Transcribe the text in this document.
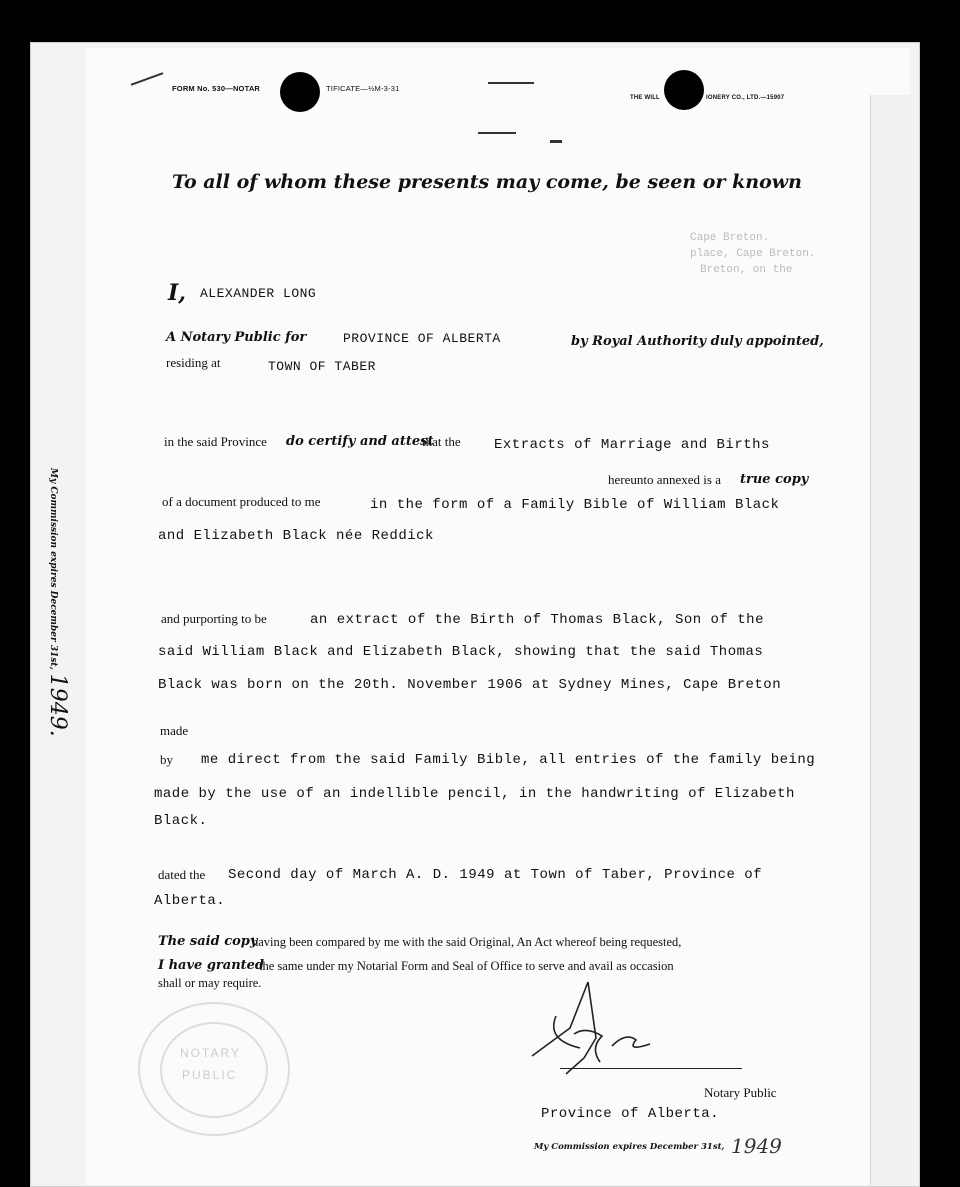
FORM No. 530—NOTAR	TIFICATE—½M-3-31
THE WILL	IONERY CO., LTD.—15907
Cape Breton.
place, Cape Breton.
Breton, on the
To all of whom these presents may come, be seen or known
I, ALEXANDER LONG
A Notary Public for	PROVINCE OF ALBERTA	by Royal Authority duly appointed,
residing at	TOWN OF TABER
in the said Province do certify and attest
that the Extracts of Marriage and Births
hereunto annexed is a true copy
of a document produced to me	in the form of a Family Bible of William Black
and Elizabeth Black née Reddick
and purporting to be	an extract of the Birth of Thomas Black, Son of the
said William Black and Elizabeth Black, showing that the said Thomas
Black was born on the 20th. November 1906 at Sydney Mines, Cape Breton
made
by me direct from the said Family Bible, all entries of the family being
made by the use of an indellible pencil, in the handwriting of Elizabeth
Black.
dated the Second day of March A. D. 1949 at Town of Taber, Province of
Alberta.
The said copy
having been compared by me with the said Original, An Act whereof being requested,
I have granted
the same under my Notarial Form and Seal of Office to serve and avail as occasion
shall or may require.
Notary Public
Province of Alberta.
My Commission expires December 31st, 1949
My Commission expires December 31st, 1949.
NOTARY
PUBLIC
